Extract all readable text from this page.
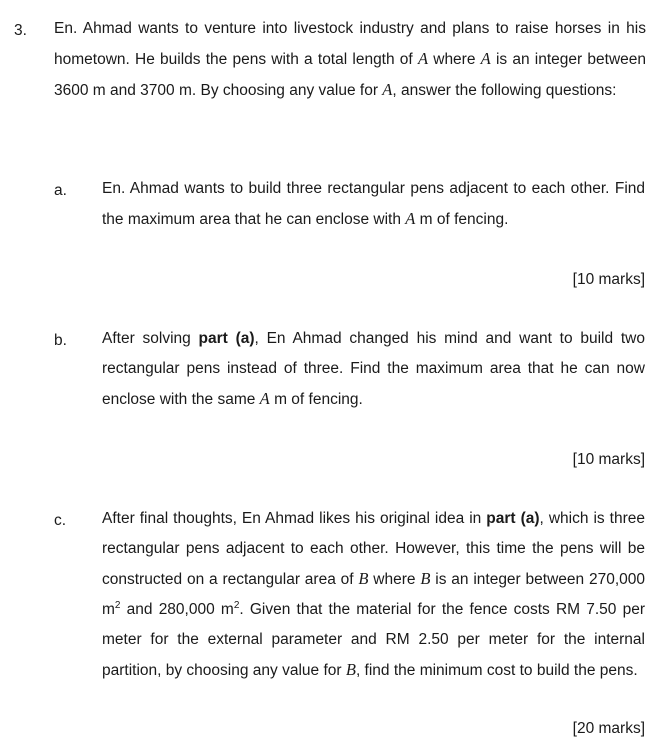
3. En. Ahmad wants to venture into livestock industry and plans to raise horses in his hometown. He builds the pens with a total length of A where A is an integer between 3600 m and 3700 m. By choosing any value for A, answer the following questions:

a. En. Ahmad wants to build three rectangular pens adjacent to each other. Find the maximum area that he can enclose with A m of fencing.

[10 marks]
b. After solving part (a), En Ahmad changed his mind and want to build two rectangular pens instead of three. Find the maximum area that he can now enclose with the same A m of fencing.

[10 marks]
c. After final thoughts, En Ahmad likes his original idea in part (a), which is three rectangular pens adjacent to each other. However, this time the pens will be constructed on a rectangular area of B where B is an integer between 270,000 $m^2$ and 280,000 $m^2$. Given that the material for the fence costs RM 7.50 per meter for the external parameter and RM 2.50 per meter for the internal partition, by choosing any value for B, find the minimum cost to build the pens.

[20 marks]
